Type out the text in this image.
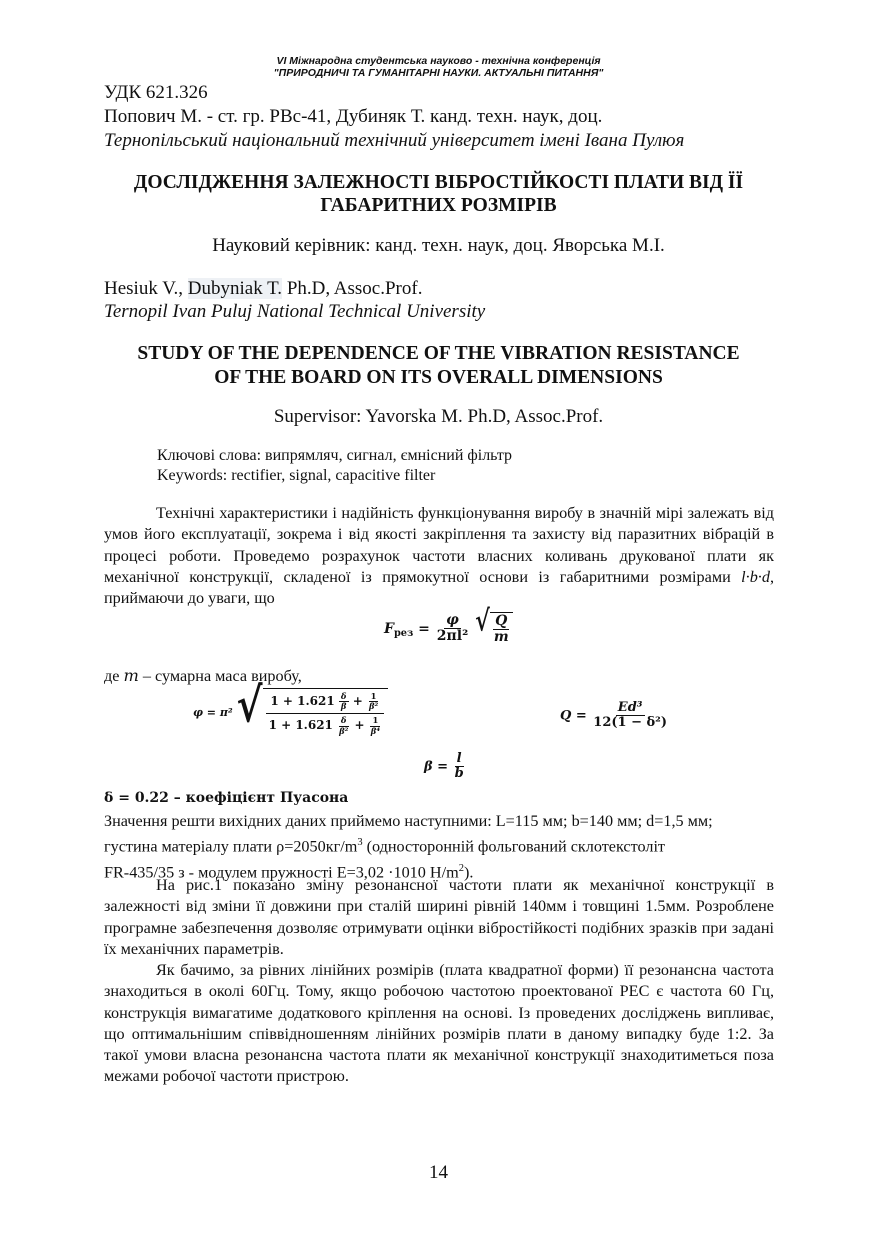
VI Міжнародна студентська науково - технічна конференція
"ПРИРОДНИЧІ ТА ГУМАНІТАРНІ НАУКИ. АКТУАЛЬНІ ПИТАННЯ"
УДК 621.326
Попович М. - ст. гр. РВс-41, Дубиняк Т. канд. техн. наук, доц.
Тернопільський національний технічний університет імені Івана Пулюя
ДОСЛІДЖЕННЯ ЗАЛЕЖНОСТІ ВІБРОСТІЙКОСТІ ПЛАТИ ВІД ЇЇ
ГАБАРИТНИХ РОЗМІРІВ
Науковий керівник: канд. техн. наук, доц. Яворська М.І.
Hesiuk V., Dubyniak T. Ph.D, Assoc.Prof.
Ternopil Ivan Puluj National Technical University
STUDY OF THE DEPENDENCE OF THE VIBRATION RESISTANCE
OF THE BOARD ON ITS OVERALL DIMENSIONS
Supervisor: Yavorska M. Ph.D, Assoc.Prof.
Ключові слова: випрямляч, сигнал, ємнісний фільтр
Keywords: rectifier, signal, capacitive filter

Технічні характеристики і надійність функціонування виробу в значній мірі залежать від умов його експлуатації, зокрема і від якості закріплення та захисту від паразитних вібрацій в процесі роботи. Проведемо розрахунок частоти власних коливань друкованої плати як механічної конструкції, складеної із прямокутної основи із габаритними розмірами l·b·d, приймаючи до уваги, що

$F_{рез} = \frac{\varphi}{\text{2πl²}}$
√ $\frac{Q}{m}$
де m – сумарна маса виробу,
φ = π² √ $\frac{1 + 1.621 \frac{\delta}{\beta} + \frac{1}{\text{β²}}}{1 + 1.621 \frac{\delta}{\text{β²}} + \frac{1}{\text{β⁴}}}$	$Q = \frac{\text{Ed³}}{\text{12(1 − δ²)}}$
$\beta = \frac{l}{b}$
δ = 0.22 – коефіцієнт Пуасона
Значення решти вихідних даних приймемо наступними: L=115 мм; b=140 мм; d=1,5 мм;
густина матеріалу плати $\rho=2050кг/m^3$ (односторонній фольгований склотекстоліт
FR-435/35 з - модулем пружності E=3,02 ·1010 $Н/m^2$).

На рис.1 показано зміну резонансної частоти плати як механічної конструкції в залежності від зміни її довжини при сталій ширині рівній 140мм і товщині 1.5мм. Розроблене програмне забезпечення дозволяє отримувати оцінки вібростійкості подібних зразків при задані їх механічних параметрів.

Як бачимо, за рівних лінійних розмірів (плата квадратної форми) її резонансна частота знаходиться в околі 60Гц. Тому, якщо робочою частотою проектованої РЕС є частота 60 Гц, конструкція вимагатиме додаткового кріплення на основі. Із проведених досліджень випливає, що оптимальнішим співвідношенням лінійних розмірів плати в даному випадку буде 1:2. За такої умови власна резонансна частота плати як механічної конструкції знаходитиметься поза межами робочої частоти пристрою.

14
